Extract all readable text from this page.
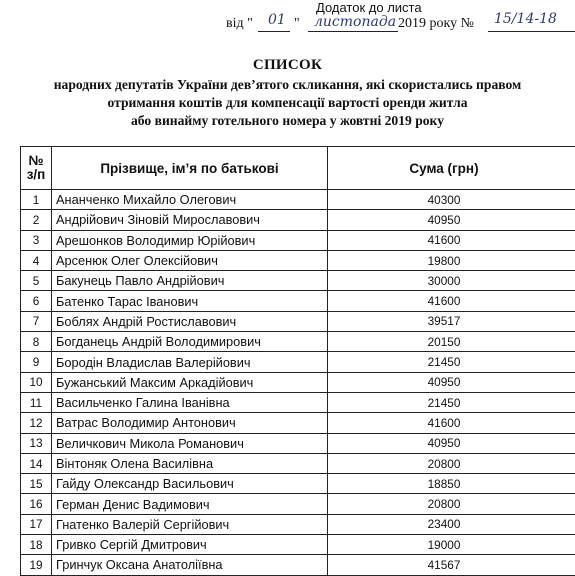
Додаток до листа
від " 01 " листопада 2019 року № 15/14-18
СПИСОК
народних депутатів України дев’ятого скликання, які скористались правом
отримання коштів для компенсації вартості оренди житла
або винайму готельного номера у жовтні 2019 року
№
з/п	Прізвище, ім’я по батькові	Сума (грн)
1	Ананченко Михайло Олегович	40300
2	Андрійович Зіновій Мирославович	40950
3	Арешонков Володимир Юрійович	41600
4	Арсенюк Олег Олексійович	19800
5	Бакунець Павло Андрійович	30000
6	Батенко Тарас Іванович	41600
7	Боблях Андрій Ростиславович	39517
8	Богданець Андрій Володимирович	20150
9	Бородін Владислав Валерійович	21450
10	Бужанський Максим Аркадійович	40950
11	Васильченко Галина Іванівна	21450
12	Ватрас Володимир Антонович	41600
13	Величкович Микола Романович	40950
14	Вінтоняк Олена Василівна	20800
15	Гайду Олександр Васильович	18850
16	Герман Денис Вадимович	20800
17	Гнатенко Валерій Сергійович	23400
18	Гривко Сергій Дмитрович	19000
19	Гринчук Оксана Анатоліївна	41567
